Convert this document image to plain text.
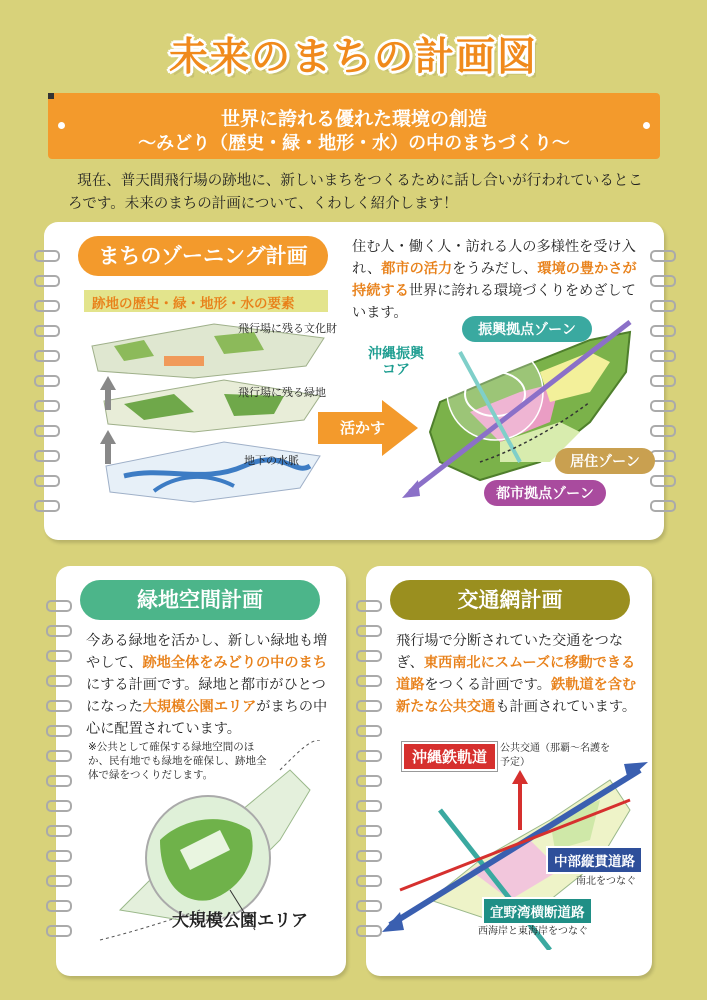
未来のまちの計画図
世界に誇れる優れた環境の創造
～みどり（歴史・緑・地形・水）の中のまちづくり～
現在、普天間飛行場の跡地に、新しいまちをつくるために話し合いが行われているところです。未来のまちの計画について、くわしく紹介します！
まちのゾーニング計画
跡地の歴史・緑・地形・水の要素
飛行場に残る文化財
飛行場に残る緑地
地下の水脈
活かす
住む人・働く人・訪れる人の多様性を受け入れ、都市の活力をうみだし、環境の豊かさが持続する世界に誇れる環境づくりをめざしています。
沖縄振興
コア
振興拠点ゾーン
居住ゾーン
都市拠点ゾーン
緑地空間計画
今ある緑地を活かし、新しい緑地も増やして、跡地全体をみどりの中のまちにする計画です。緑地と都市がひとつになった大規模公園エリアがまちの中心に配置されています。
※公共として確保する緑地空間のほか、民有地でも緑地を確保し、跡地全体で緑をつくりだします。
大規模公園エリア
交通網計画
飛行場で分断されていた交通をつなぎ、東西南北にスムーズに移動できる道路をつくる計画です。鉄軌道を含む新たな公共交通も計画されています。
沖縄鉄軌道	公共交通（那覇～名護を予定）
中部縦貫道路
南北をつなぐ
宜野湾横断道路
西海岸と東海岸をつなぐ
